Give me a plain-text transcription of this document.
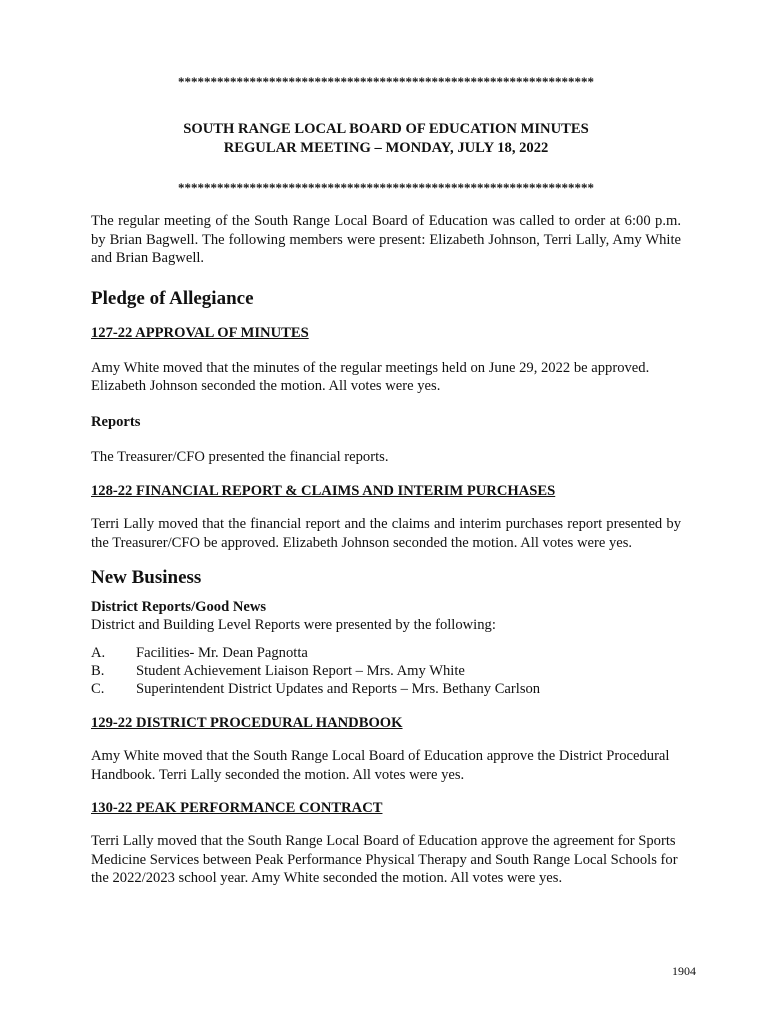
****************************************************************
SOUTH RANGE LOCAL BOARD OF EDUCATION MINUTES
REGULAR MEETING – MONDAY, JULY 18, 2022
****************************************************************

The regular meeting of the South Range Local Board of Education was called to order at 6:00 p.m. by Brian Bagwell. The following members were present: Elizabeth Johnson, Terri Lally, Amy White and Brian Bagwell.

Pledge of Allegiance
127-22 APPROVAL OF MINUTES

Amy White moved that the minutes of the regular meetings held on June 29, 2022 be approved. Elizabeth Johnson seconded the motion. All votes were yes.

Reports

The Treasurer/CFO presented the financial reports.

128-22 FINANCIAL REPORT & CLAIMS AND INTERIM PURCHASES

Terri Lally moved that the financial report and the claims and interim purchases report presented by the Treasurer/CFO be approved. Elizabeth Johnson seconded the motion. All votes were yes.

New Business
District Reports/Good News

District and Building Level Reports were presented by the following:

A.	Facilities- Mr. Dean Pagnotta
B.	Student Achievement Liaison Report – Mrs. Amy White
C.	Superintendent District Updates and Reports – Mrs. Bethany Carlson
129-22 DISTRICT PROCEDURAL HANDBOOK

Amy White moved that the South Range Local Board of Education approve the District Procedural Handbook. Terri Lally seconded the motion. All votes were yes.

130-22 PEAK PERFORMANCE CONTRACT

Terri Lally moved that the South Range Local Board of Education approve the agreement for Sports Medicine Services between Peak Performance Physical Therapy and South Range Local Schools for the 2022/2023 school year. Amy White seconded the motion. All votes were yes.

1904
